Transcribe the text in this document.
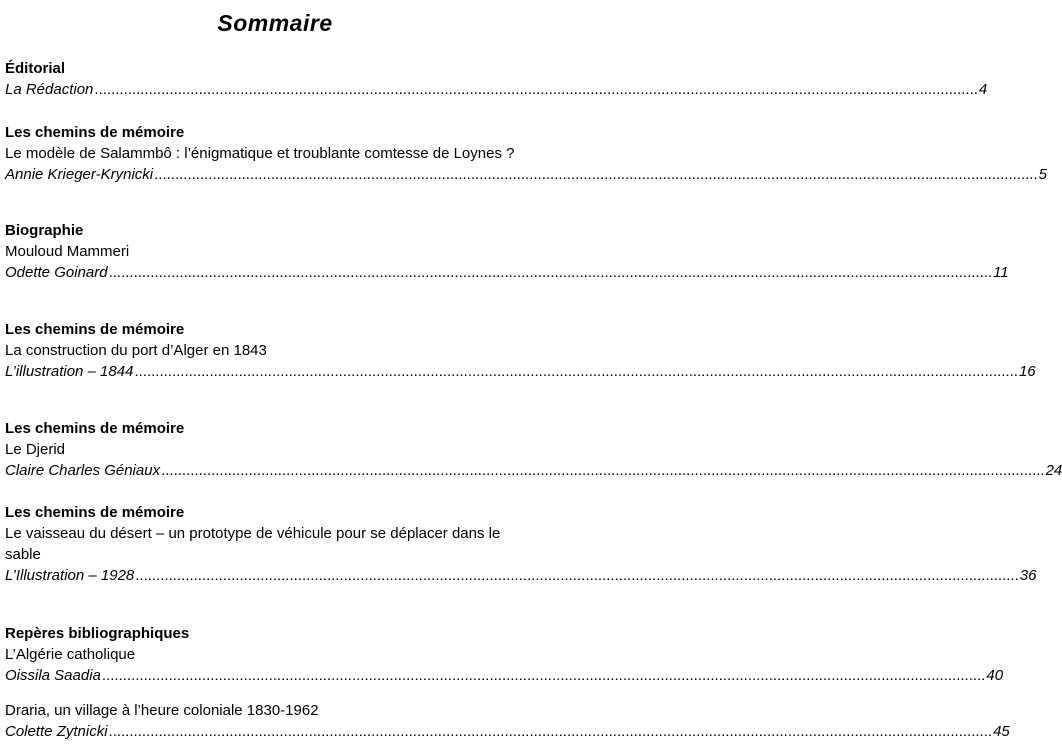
Sommaire
Éditorial
La Rédaction .................................................................................................................................................................................................................... 4
Les chemins de mémoire
Le modèle de Salammbô : l’énigmatique et troublante comtesse de Loynes ?
Annie Krieger-Krynicki .................................................................................................................................................................................................................... 5
Biographie
Mouloud Mammeri
Odette Goinard .................................................................................................................................................................................................................... 11
Les chemins de mémoire
La construction du port d’Alger en 1843
L’illustration – 1844 .................................................................................................................................................................................................................... 16
Les chemins de mémoire
Le Djerid
Claire Charles Géniaux .................................................................................................................................................................................................................... 24
Les chemins de mémoire
Le vaisseau du désert – un prototype de véhicule pour se déplacer dans le sable
L’Illustration – 1928 .................................................................................................................................................................................................................... 36
Repères bibliographiques
L’Algérie catholique
Oissila Saadia .................................................................................................................................................................................................................... 40
Draria, un village à l’heure coloniale 1830-1962
Colette Zytnicki .................................................................................................................................................................................................................... 45
